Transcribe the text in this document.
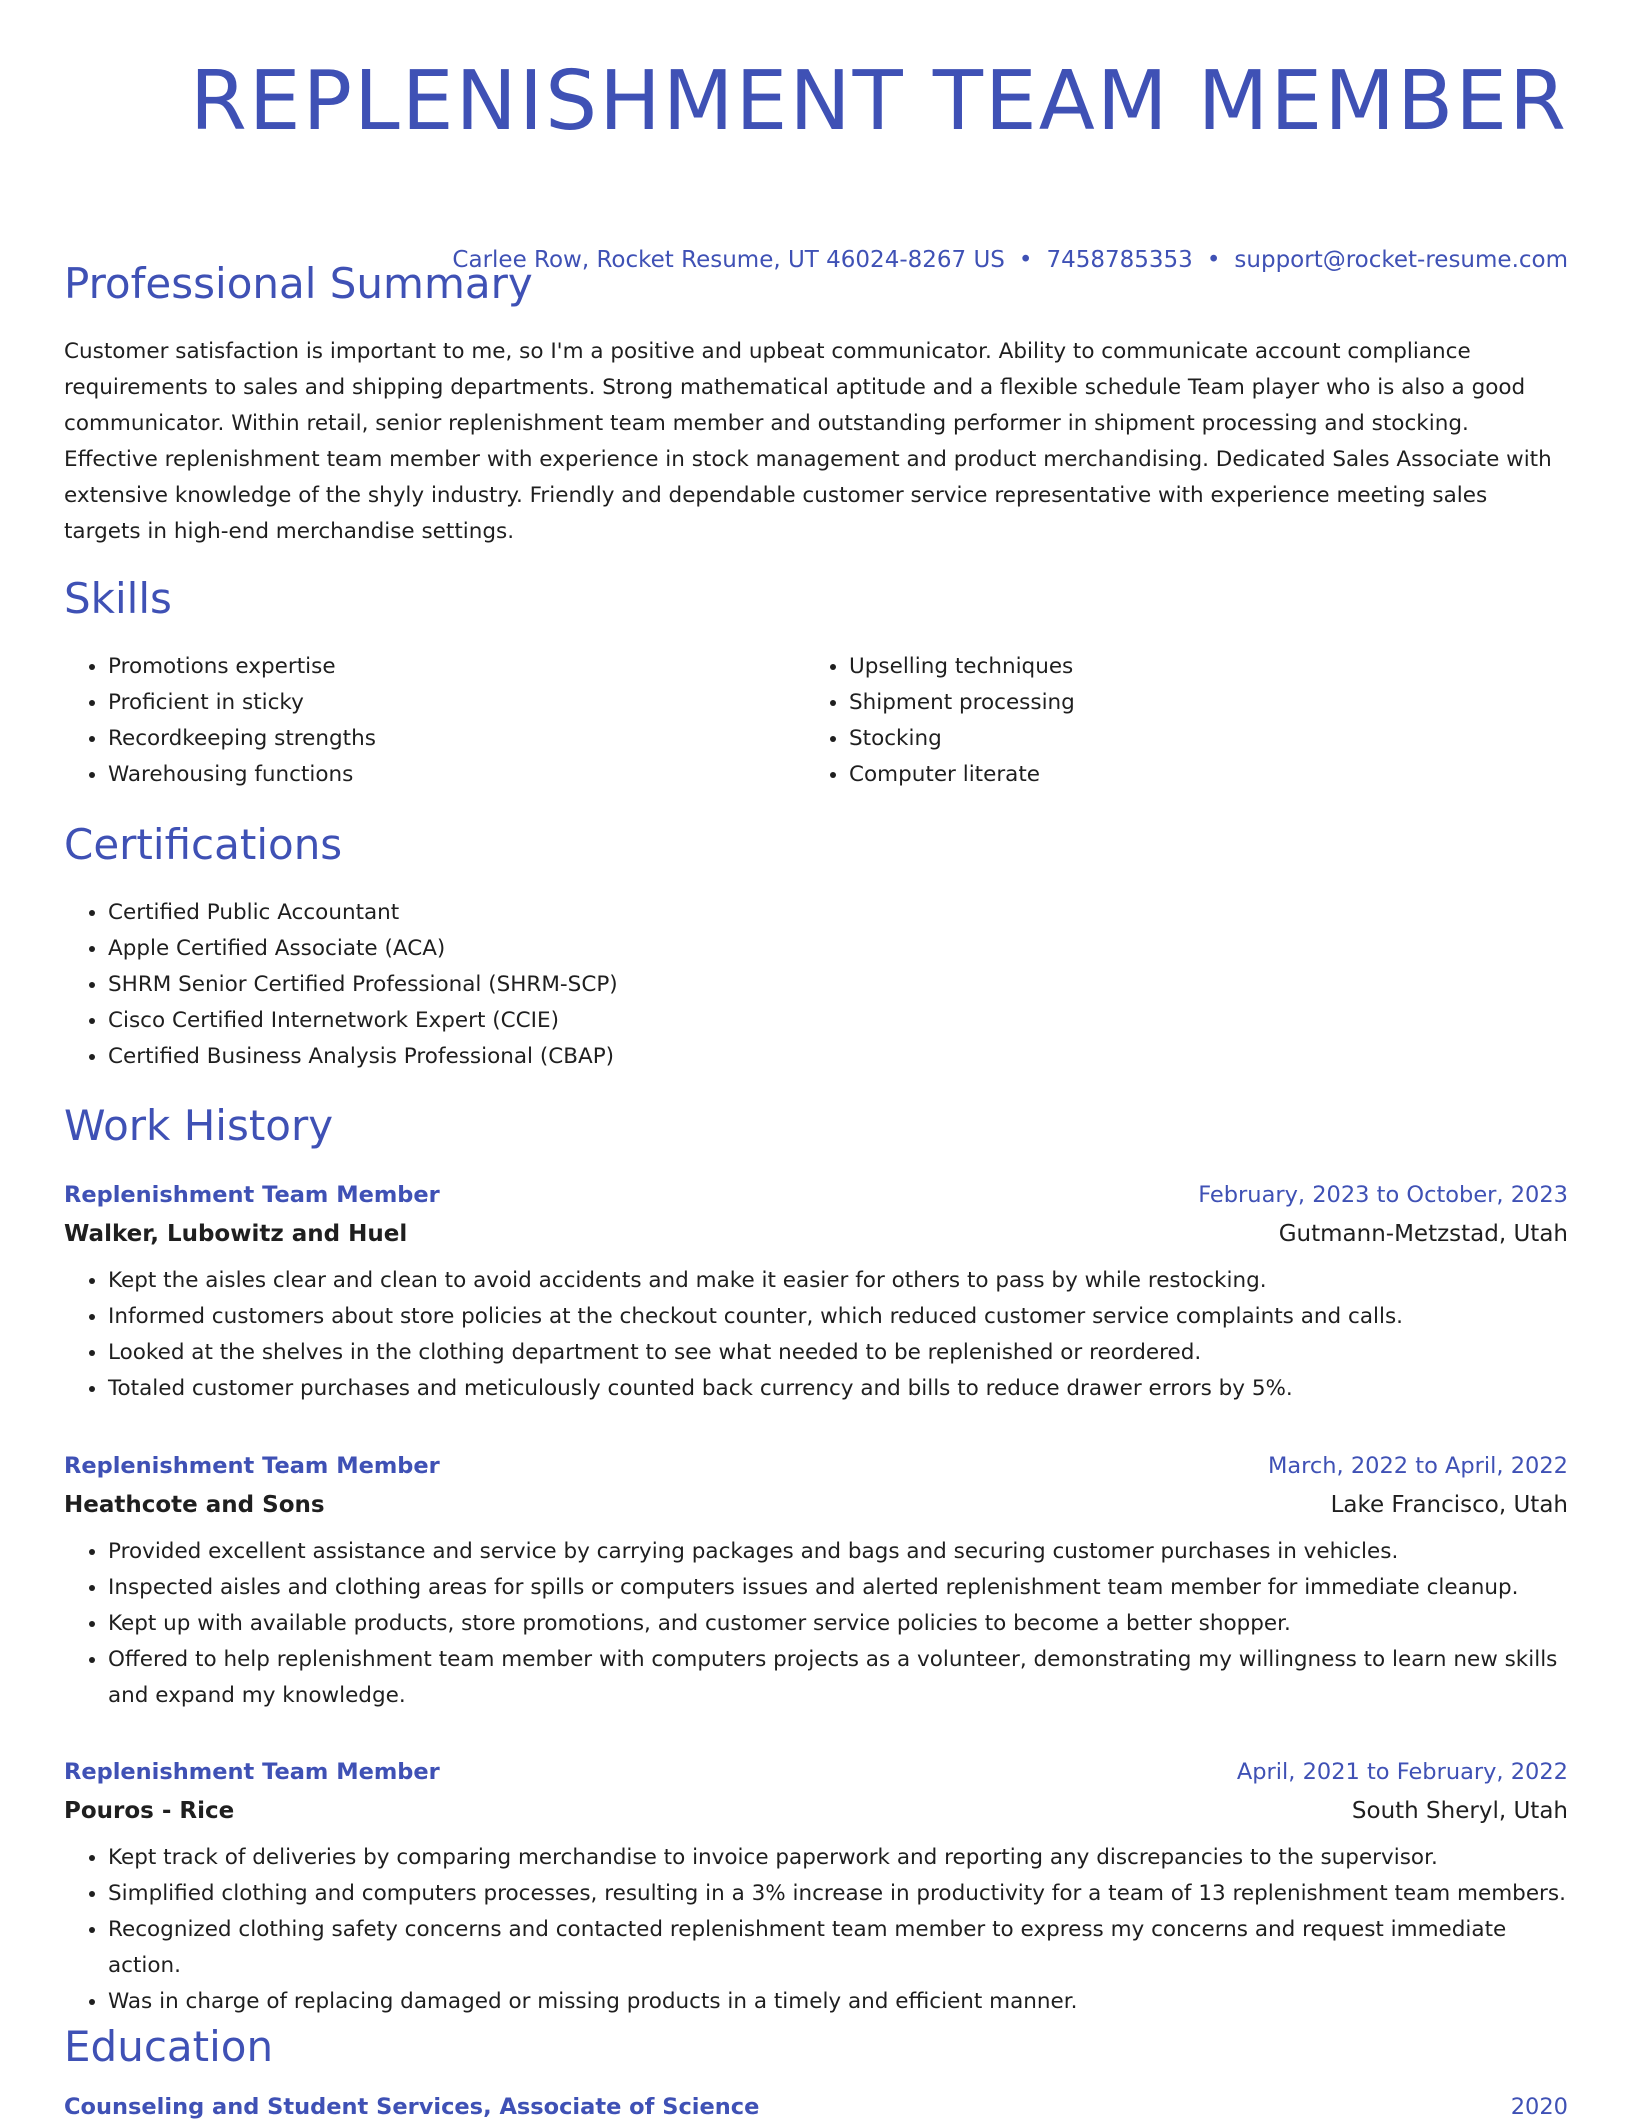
REPLENISHMENT TEAM MEMBER
Carlee Row, Rocket Resume, UT 46024-8267 US • 7458785353 • support@rocket-resume.com
Professional Summary

Customer satisfaction is important to me, so I'm a positive and upbeat communicator. Ability to communicate account compliance requirements to sales and shipping departments. Strong mathematical aptitude and a flexible schedule Team player who is also a good communicator. Within retail, senior replenishment team member and outstanding performer in shipment processing and stocking. Effective replenishment team member with experience in stock management and product merchandising. Dedicated Sales Associate with extensive knowledge of the shyly industry. Friendly and dependable customer service representative with experience meeting sales targets in high-end merchandise settings.

Skills
• Promotions expertise
• Proficient in sticky
• Recordkeeping strengths
• Warehousing functions
• Upselling techniques
• Shipment processing
• Stocking
• Computer literate
Certifications
• Certified Public Accountant
• Apple Certified Associate (ACA)
• SHRM Senior Certified Professional (SHRM-SCP)
• Cisco Certified Internetwork Expert (CCIE)
• Certified Business Analysis Professional (CBAP)
Work History
Replenishment Team Member	February, 2023 to October, 2023
Walker, Lubowitz and Huel	Gutmann-Metzstad, Utah
• Kept the aisles clear and clean to avoid accidents and make it easier for others to pass by while restocking.
• Informed customers about store policies at the checkout counter, which reduced customer service complaints and calls.
• Looked at the shelves in the clothing department to see what needed to be replenished or reordered.
• Totaled customer purchases and meticulously counted back currency and bills to reduce drawer errors by 5%.
Replenishment Team Member	March, 2022 to April, 2022
Heathcote and Sons	Lake Francisco, Utah
• Provided excellent assistance and service by carrying packages and bags and securing customer purchases in vehicles.
• Inspected aisles and clothing areas for spills or computers issues and alerted replenishment team member for immediate cleanup.
• Kept up with available products, store promotions, and customer service policies to become a better shopper.
• Offered to help replenishment team member with computers projects as a volunteer, demonstrating my willingness to learn new skills and expand my knowledge.
Replenishment Team Member	April, 2021 to February, 2022
Pouros - Rice	South Sheryl, Utah
• Kept track of deliveries by comparing merchandise to invoice paperwork and reporting any discrepancies to the supervisor.
• Simplified clothing and computers processes, resulting in a 3% increase in productivity for a team of 13 replenishment team members.
• Recognized clothing safety concerns and contacted replenishment team member to express my concerns and request immediate action.
• Was in charge of replacing damaged or missing products in a timely and efficient manner.
Education
Counseling and Student Services, Associate of Science	2020
